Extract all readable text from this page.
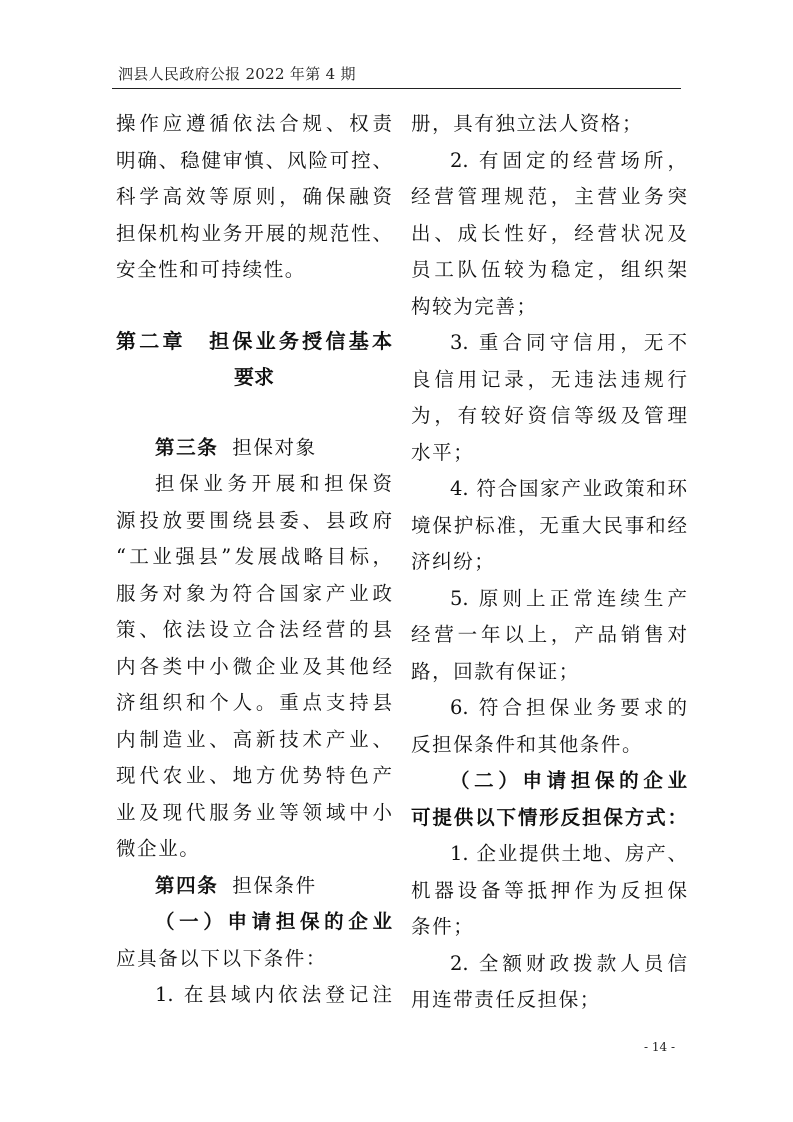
泗县人民政府公报 2022 年第 4 期
操作应遵循依法合规、权责
明确、稳健审慎、风险可控、
科学高效等原则，确保融资
担保机构业务开展的规范性、
安全性和可持续性。
第二章　担保业务授信基本
要求
第三条 担保对象
担保业务开展和担保资
源投放要围绕县委、县政府
“工业强县”发展战略目标，
服务对象为符合国家产业政
策、依法设立合法经营的县
内各类中小微企业及其他经
济组织和个人。重点支持县
内制造业、高新技术产业、
现代农业、地方优势特色产
业及现代服务业等领域中小
微企业。
第四条 担保条件
（一）申请担保的企业
应具备以下以下条件：
1. 在县域内依法登记注
册，具有独立法人资格；
2. 有固定的经营场所，
经营管理规范，主营业务突
出、成长性好，经营状况及
员工队伍较为稳定，组织架
构较为完善；
3. 重合同守信用，无不
良信用记录，无违法违规行
为，有较好资信等级及管理
水平；
4. 符合国家产业政策和环
境保护标准，无重大民事和经
济纠纷；
5. 原则上正常连续生产
经营一年以上，产品销售对
路，回款有保证；
6. 符合担保业务要求的
反担保条件和其他条件。
（二）申请担保的企业
可提供以下情形反担保方式：
1. 企业提供土地、房产、
机器设备等抵押作为反担保
条件；
2. 全额财政拨款人员信
用连带责任反担保；
- 14 -
